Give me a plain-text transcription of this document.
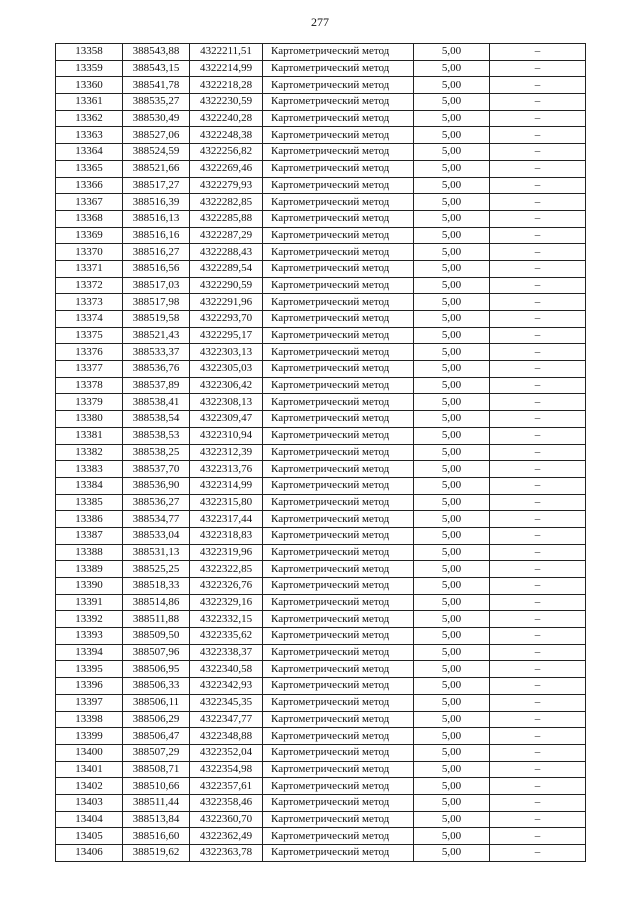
277
13358	388543,88	4322211,51	Картометрический метод	5,00	–
13359	388543,15	4322214,99	Картометрический метод	5,00	–
13360	388541,78	4322218,28	Картометрический метод	5,00	–
13361	388535,27	4322230,59	Картометрический метод	5,00	–
13362	388530,49	4322240,28	Картометрический метод	5,00	–
13363	388527,06	4322248,38	Картометрический метод	5,00	–
13364	388524,59	4322256,82	Картометрический метод	5,00	–
13365	388521,66	4322269,46	Картометрический метод	5,00	–
13366	388517,27	4322279,93	Картометрический метод	5,00	–
13367	388516,39	4322282,85	Картометрический метод	5,00	–
13368	388516,13	4322285,88	Картометрический метод	5,00	–
13369	388516,16	4322287,29	Картометрический метод	5,00	–
13370	388516,27	4322288,43	Картометрический метод	5,00	–
13371	388516,56	4322289,54	Картометрический метод	5,00	–
13372	388517,03	4322290,59	Картометрический метод	5,00	–
13373	388517,98	4322291,96	Картометрический метод	5,00	–
13374	388519,58	4322293,70	Картометрический метод	5,00	–
13375	388521,43	4322295,17	Картометрический метод	5,00	–
13376	388533,37	4322303,13	Картометрический метод	5,00	–
13377	388536,76	4322305,03	Картометрический метод	5,00	–
13378	388537,89	4322306,42	Картометрический метод	5,00	–
13379	388538,41	4322308,13	Картометрический метод	5,00	–
13380	388538,54	4322309,47	Картометрический метод	5,00	–
13381	388538,53	4322310,94	Картометрический метод	5,00	–
13382	388538,25	4322312,39	Картометрический метод	5,00	–
13383	388537,70	4322313,76	Картометрический метод	5,00	–
13384	388536,90	4322314,99	Картометрический метод	5,00	–
13385	388536,27	4322315,80	Картометрический метод	5,00	–
13386	388534,77	4322317,44	Картометрический метод	5,00	–
13387	388533,04	4322318,83	Картометрический метод	5,00	–
13388	388531,13	4322319,96	Картометрический метод	5,00	–
13389	388525,25	4322322,85	Картометрический метод	5,00	–
13390	388518,33	4322326,76	Картометрический метод	5,00	–
13391	388514,86	4322329,16	Картометрический метод	5,00	–
13392	388511,88	4322332,15	Картометрический метод	5,00	–
13393	388509,50	4322335,62	Картометрический метод	5,00	–
13394	388507,96	4322338,37	Картометрический метод	5,00	–
13395	388506,95	4322340,58	Картометрический метод	5,00	–
13396	388506,33	4322342,93	Картометрический метод	5,00	–
13397	388506,11	4322345,35	Картометрический метод	5,00	–
13398	388506,29	4322347,77	Картометрический метод	5,00	–
13399	388506,47	4322348,88	Картометрический метод	5,00	–
13400	388507,29	4322352,04	Картометрический метод	5,00	–
13401	388508,71	4322354,98	Картометрический метод	5,00	–
13402	388510,66	4322357,61	Картометрический метод	5,00	–
13403	388511,44	4322358,46	Картометрический метод	5,00	–
13404	388513,84	4322360,70	Картометрический метод	5,00	–
13405	388516,60	4322362,49	Картометрический метод	5,00	–
13406	388519,62	4322363,78	Картометрический метод	5,00	–
